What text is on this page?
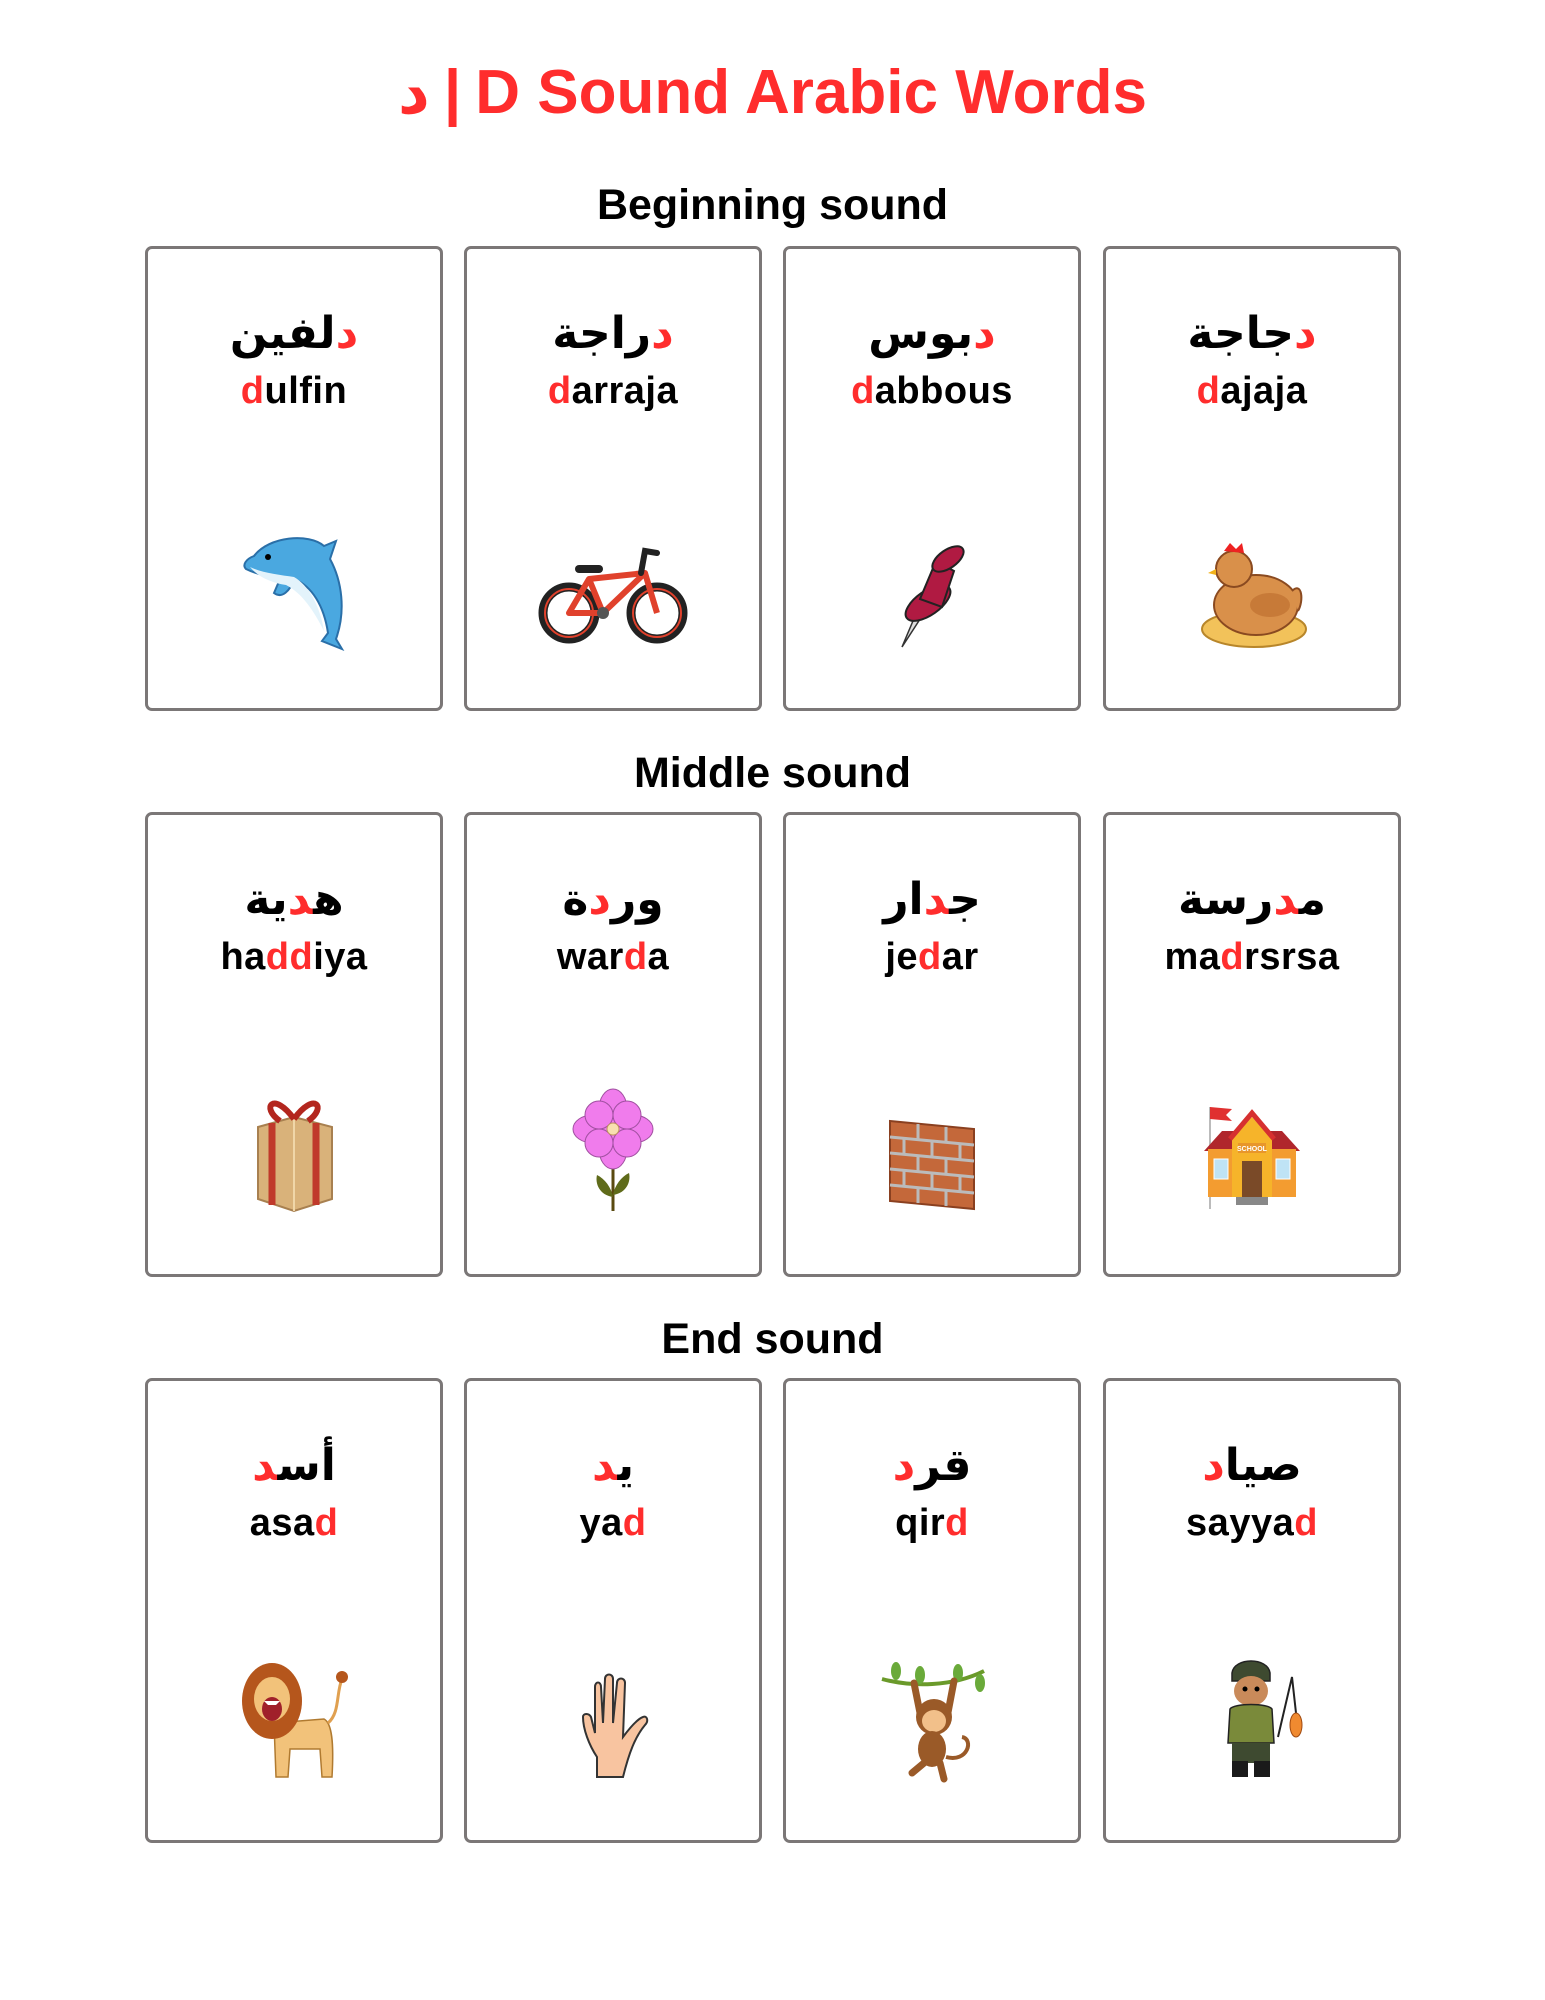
د | D Sound Arabic Words
Beginning sound
دلفين
dulfin
دراجة
darraja
دبوس
dabbous
دجاجة
dajaja
Middle sound
هدية
haddiya
وردة
warda
جدار
jedar
مدرسة
madrsrsa
SCHOOL
End sound
أسد
asad
يد
yad
قرد
qird
صياد
sayyad
